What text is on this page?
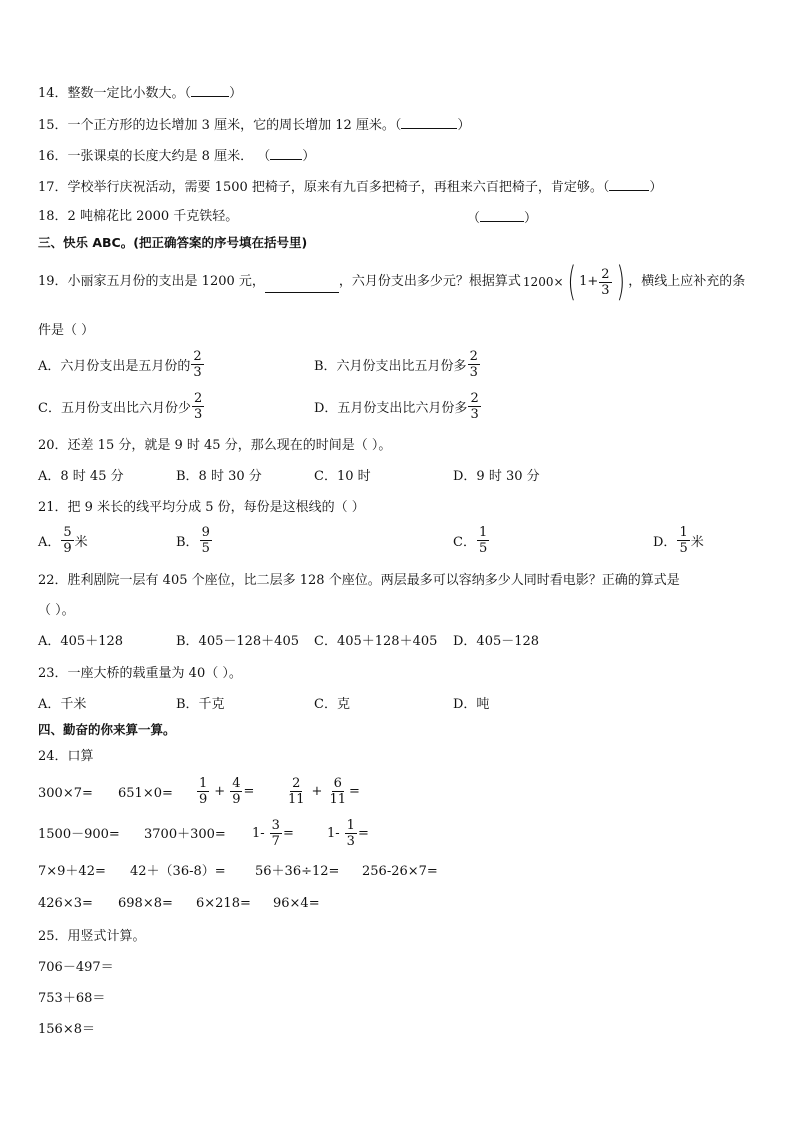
14．整数一定比小数大。（	）
15．一个正方形的边长增加 3 厘米，它的周长增加 12 厘米。（	）
16．一张课桌的长度大约是 8 厘米． （ ）
17．学校举行庆祝活动，需要 1500 把椅子，原来有九百多把椅子，再租来六百把椅子，肯定够。（	）
18．2 吨棉花比 2000 千克铁轻。	（	）
三、快乐 ABC。(把正确答案的序号填在括号里)
19． 小丽家五月份的支出是 1200 元，	，六月份支出多少元？根据算式 1200× ( $1+ \frac{2}{3}$ ) ，横线上应补充的条
件是（ ）
A．六月份支出是五月份的 $\frac{2}{3}$	B．六月份支出比五月份多 $\frac{2}{3}$
C．五月份支出比六月份少 $\frac{2}{3}$	D．五月份支出比六月份多 $\frac{2}{3}$
20．还差 15 分，就是 9 时 45 分，那么现在的时间是（ ）。
A．8 时 45 分	B．8 时 30 分	C．10 时	D．9 时 30 分
21．把 9 米长的线平均分成 5 份，每份是这根线的（ ）
A． $\frac{5}{9}$ 米	B． $\frac{9}{5}$	C． $\frac{1}{5}$	D． $\frac{1}{5}$ 米
22．胜利剧院一层有 405 个座位，比二层多 128 个座位。两层最多可以容纳多少人同时看电影？正确的算式是
（ ）。
A．405＋128	B．405－128＋405 C．405＋128＋405 D．405－128
23．一座大桥的载重量为 40（ ）。
A．千米	B．千克	C．克	D．吨
四、勤奋的你来算一算。
24．口算
$300\times 7= 651\times 0= \frac{1}{9} + \frac{4}{9} = \frac{2}{11} + \frac{6}{11}$ =
$1500-900= 3700+300= 1- \frac{3}{7}$ =	$1- \frac{1}{3}$ =
7×9＋42= 42＋（36-8）= 56＋36÷12= 256-26×7=
426×3= 698×8= 6×218= 96×4=
25．用竖式计算。
706－497＝
753＋68＝
156×8＝
